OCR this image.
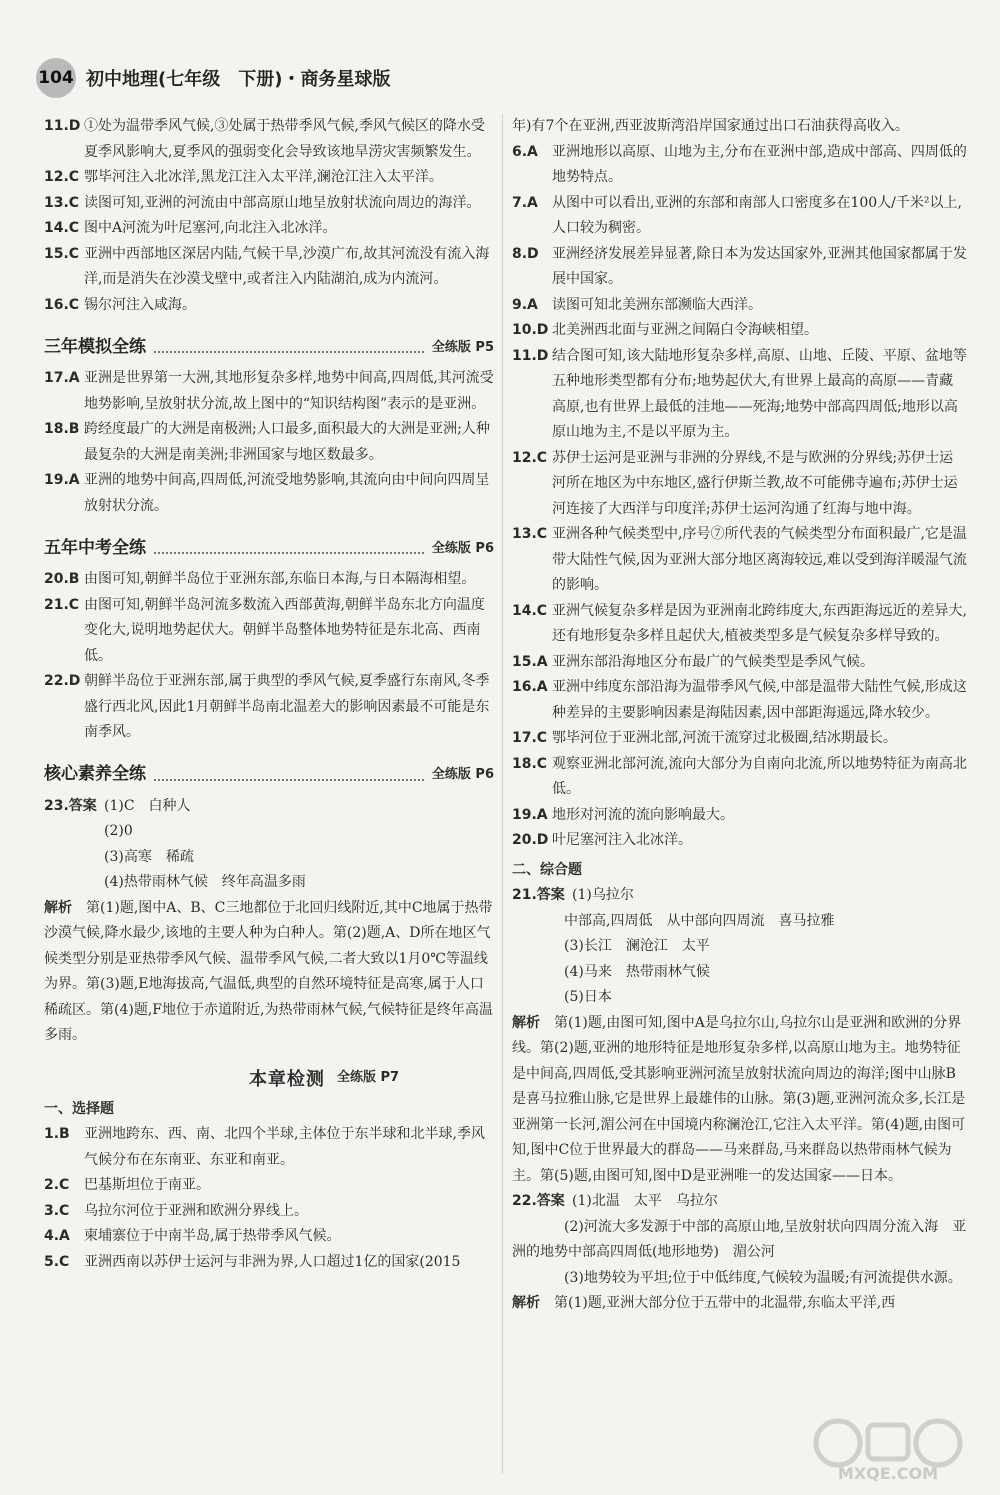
104 初中地理(七年级　下册)・商务星球版
11.D ①处为温带季风气候,③处属于热带季风气候,季风气候区的降水受夏季风影响大,夏季风的强弱变化会导致该地旱涝灾害频繁发生。
12.C 鄂毕河注入北冰洋,黑龙江注入太平洋,澜沧江注入太平洋。
13.C 读图可知,亚洲的河流由中部高原山地呈放射状流向周边的海洋。
14.C 图中A河流为叶尼塞河,向北注入北冰洋。
15.C 亚洲中西部地区深居内陆,气候干旱,沙漠广布,故其河流没有流入海洋,而是消失在沙漠戈壁中,或者注入内陆湖泊,成为内流河。
16.C 锡尔河注入咸海。
三年模拟全练	全练版 P5
17.A 亚洲是世界第一大洲,其地形复杂多样,地势中间高,四周低,其河流受地势影响,呈放射状分流,故上图中的“知识结构图”表示的是亚洲。
18.B 跨经度最广的大洲是南极洲;人口最多,面积最大的大洲是亚洲;人种最复杂的大洲是南美洲;非洲国家与地区数最多。
19.A 亚洲的地势中间高,四周低,河流受地势影响,其流向由中间向四周呈放射状分流。
五年中考全练	全练版 P6
20.B 由图可知,朝鲜半岛位于亚洲东部,东临日本海,与日本隔海相望。
21.C 由图可知,朝鲜半岛河流多数流入西部黄海,朝鲜半岛东北方向温度变化大,说明地势起伏大。朝鲜半岛整体地势特征是东北高、西南低。
22.D 朝鲜半岛位于亚洲东部,属于典型的季风气候,夏季盛行东南风,冬季盛行西北风,因此1月朝鲜半岛南北温差大的影响因素最不可能是东南季风。
核心素养全练	全练版 P6
23.答案 (1)C　白种人
(2)0
(3)高寒　稀疏
(4)热带雨林气候　终年高温多雨
解析 第(1)题,图中A、B、C三地都位于北回归线附近,其中C地属于热带沙漠气候,降水最少,该地的主要人种为白种人。第(2)题,A、D所在地区气候类型分别是亚热带季风气候、温带季风气候,二者大致以1月0℃等温线为界。第(3)题,E地海拔高,气温低,典型的自然环境特征是高寒,属于人口稀疏区。第(4)题,F地位于赤道附近,为热带雨林气候,气候特征是终年高温多雨。
本章检测 全练版 P7
一、选择题
1.B	亚洲地跨东、西、南、北四个半球,主体位于东半球和北半球,季风气候分布在东南亚、东亚和南亚。
2.C	巴基斯坦位于南亚。
3.C	乌拉尔河位于亚洲和欧洲分界线上。
4.A	柬埔寨位于中南半岛,属于热带季风气候。
5.C	亚洲西南以苏伊士运河与非洲为界,人口超过1亿的国家(2015
年)有7个在亚洲,西亚波斯湾沿岸国家通过出口石油获得高收入。
6.A	亚洲地形以高原、山地为主,分布在亚洲中部,造成中部高、四周低的地势特点。
7.A	从图中可以看出,亚洲的东部和南部人口密度多在100人/千米²以上,人口较为稠密。
8.D 亚洲经济发展差异显著,除日本为发达国家外,亚洲其他国家都属于发展中国家。
9.A	读图可知北美洲东部濒临大西洋。
10.D 北美洲西北面与亚洲之间隔白令海峡相望。
11.D 结合图可知,该大陆地形复杂多样,高原、山地、丘陵、平原、盆地等五种地形类型都有分布;地势起伏大,有世界上最高的高原——青藏高原,也有世界上最低的洼地——死海;地势中部高四周低;地形以高原山地为主,不是以平原为主。
12.C 苏伊士运河是亚洲与非洲的分界线,不是与欧洲的分界线;苏伊士运河所在地区为中东地区,盛行伊斯兰教,故不可能佛寺遍布;苏伊士运河连接了大西洋与印度洋;苏伊士运河沟通了红海与地中海。
13.C 亚洲各种气候类型中,序号⑦所代表的气候类型分布面积最广,它是温带大陆性气候,因为亚洲大部分地区离海较远,难以受到海洋暖湿气流的影响。
14.C 亚洲气候复杂多样是因为亚洲南北跨纬度大,东西距海远近的差异大,还有地形复杂多样且起伏大,植被类型多是气候复杂多样导致的。
15.A 亚洲东部沿海地区分布最广的气候类型是季风气候。
16.A 亚洲中纬度东部沿海为温带季风气候,中部是温带大陆性气候,形成这种差异的主要影响因素是海陆因素,因中部距海遥远,降水较少。
17.C 鄂毕河位于亚洲北部,河流干流穿过北极圈,结冰期最长。
18.C 观察亚洲北部河流,流向大部分为自南向北流,所以地势特征为南高北低。
19.A 地形对河流的流向影响最大。
20.D 叶尼塞河注入北冰洋。
二、综合题
21.答案 (1)乌拉尔
中部高,四周低　从中部向四周流　喜马拉雅
(3)长江　澜沧江　太平
(4)马来　热带雨林气候
(5)日本
解析 第(1)题,由图可知,图中A是乌拉尔山,乌拉尔山是亚洲和欧洲的分界线。第(2)题,亚洲的地形特征是地形复杂多样,以高原山地为主。地势特征是中间高,四周低,受其影响亚洲河流呈放射状流向周边的海洋;图中山脉B是喜马拉雅山脉,它是世界上最雄伟的山脉。第(3)题,亚洲河流众多,长江是亚洲第一长河,湄公河在中国境内称澜沧江,它注入太平洋。第(4)题,由图可知,图中C位于世界最大的群岛——马来群岛,马来群岛以热带雨林气候为主。第(5)题,由图可知,图中D是亚洲唯一的发达国家——日本。
22.答案 (1)北温　太平　乌拉尔
(2)河流大多发源于中部的高原山地,呈放射状向四周分流入海　亚洲的地势中部高四周低(地形地势)　湄公河
(3)地势较为平坦;位于中低纬度,气候较为温暖;有河流提供水源。
解析 第(1)题,亚洲大部分位于五带中的北温带,东临太平洋,西
MXQE.COM
